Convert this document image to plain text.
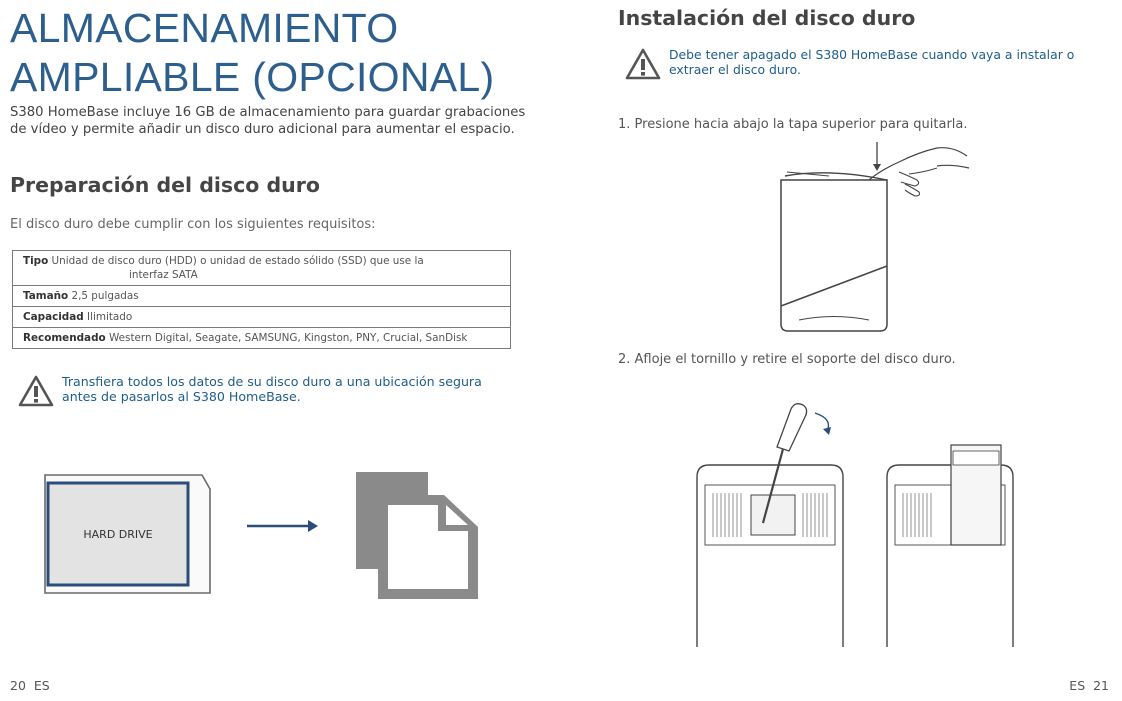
ALMACENAMIENTO
AMPLIABLE (OPCIONAL)

S380 HomeBase incluye 16 GB de almacenamiento para guardar grabaciones de vídeo y permite añadir un disco duro adicional para aumentar el espacio.

Preparación del disco duro

El disco duro debe cumplir con los siguientes requisitos:

Tipo Unidad de disco duro (HDD) o unidad de estado sólido (SSD) que use la
interfaz SATA

Tamaño 2,5 pulgadas
Capacidad Ilimitado
Recomendado Western Digital, Seagate, SAMSUNG, Kingston, PNY, Crucial, SanDisk

Transfiera todos los datos de su disco duro a una ubicación segura antes de pasarlos al S380 HomeBase.

HARD DRIVE

20 ES

Instalación del disco duro

Debe tener apagado el S380 HomeBase cuando vaya a instalar o extraer el disco duro.

1. Presione hacia abajo la tapa superior para quitarla.

2. Afloje el tornillo y retire el soporte del disco duro.

ES 21
